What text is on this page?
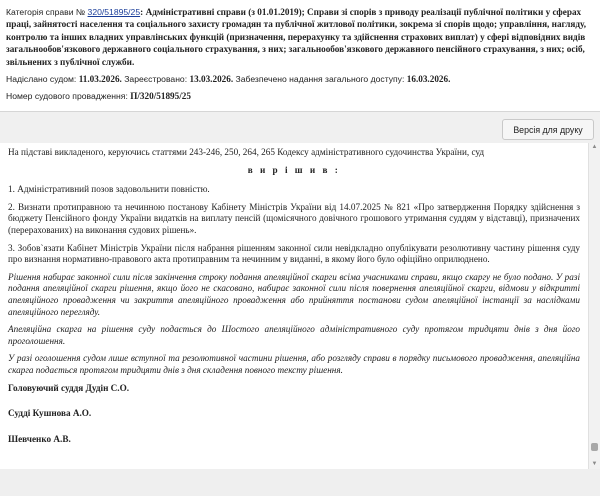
Категорія справи № 320/51895/25: Адміністративні справи (з 01.01.2019); Справи зі спорів з приводу реалізації публічної політики у сферах праці, зайнятості населення та соціального захисту громадян та публічної житлової політики, зокрема зі спорів щодо; управління, нагляду, контролю та інших владних управлінських функцій (призначення, перерахунку та здійснення страхових виплат) у сфері відповідних видів загальнообов'язкового державного соціального страхування, з них; загальнообов'язкового державного пенсійного страхування, з них; осіб, звільнених з публічної служби.

Надіслано судом: 11.03.2026. Зареєстровано: 13.03.2026. Забезпечено надання загального доступу: 16.03.2026.

Номер судового провадження: П/320/51895/25

Версія для друку

На підставі викладеного, керуючись статтями 243-246, 250, 264, 265 Кодексу адміністративного судочинства України, суд

в и р і ш и в :

1. Адміністративний позов задовольнити повністю.

2. Визнати протиправною та нечинною постанову Кабінету Міністрів України від 14.07.2025 № 821 «Про затвердження Порядку здійснення з бюджету Пенсійного фонду України видатків на виплату пенсій (щомісячного довічного грошового утримання суддям у відставці), призначених (перерахованих) на виконання судових рішень».

3. Зобов`язати Кабінет Міністрів України після набрання рішенням законної сили невідкладно опублікувати резолютивну частину рішення суду про визнання нормативно-правового акта протиправним та нечинним у виданні, в якому його було офіційно оприлюднено.

Рішення набирає законної сили після закінчення строку подання апеляційної скарги всіма учасниками справи, якщо скаргу не було подано. У разі подання апеляційної скарги рішення, якщо його не скасовано, набирає законної сили після повернення апеляційної скарги, відмови у відкритті апеляційного провадження чи закриття апеляційного провадження або прийняття постанови судом апеляційної інстанції за наслідками апеляційного перегляду.

Апеляційна скарга на рішення суду подається до Шостого апеляційного адміністративного суду протягом тридцяти днів з дня його проголошення.

У разі оголошення судом лише вступної та резолютивної частини рішення, або розгляду справи в порядку письмового провадження, апеляційна скарга подається протягом тридцяти днів з дня складення повного тексту рішення.

Головуючий суддя Дудін С.О.

Судді Кушнова А.О.

Шевченко А.В.

▲
▼
